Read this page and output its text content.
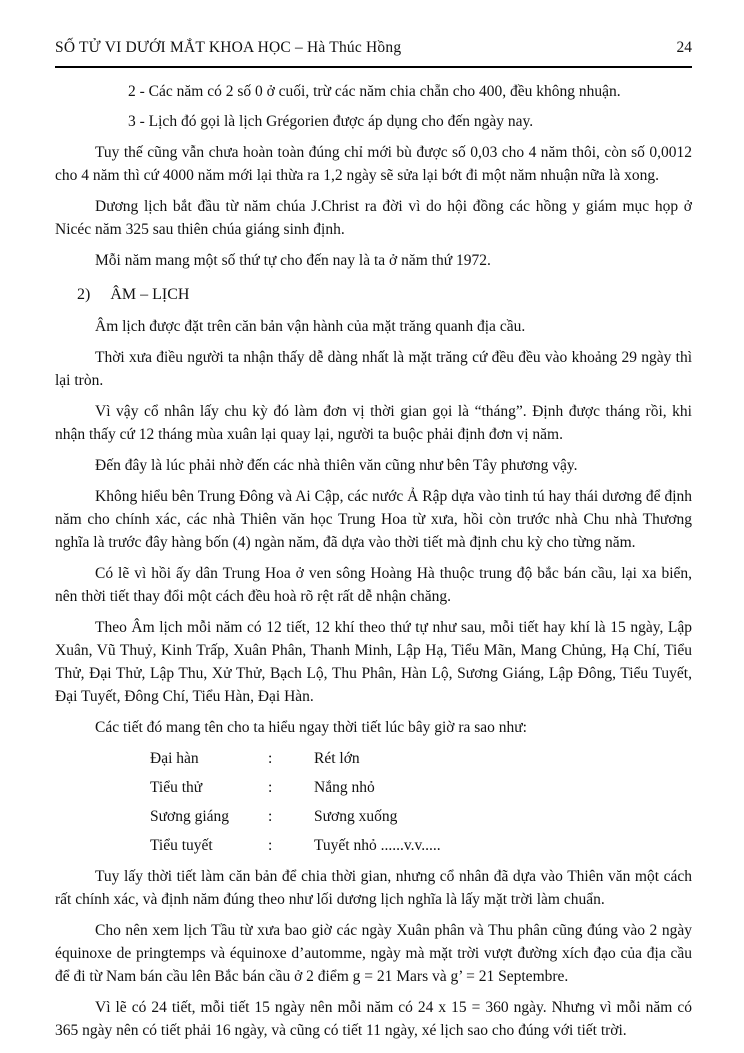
SỐ TỬ VI DƯỚI MẮT KHOA HỌC – Hà Thúc Hồng	24
2 - Các năm có 2 số 0 ở cuối, trừ các năm chia chẵn cho 400, đều không nhuận.
3 - Lịch đó gọi là lịch Grégorien được áp dụng cho đến ngày nay.

Tuy thế cũng vẫn chưa hoàn toàn đúng chỉ mới bù được số 0,03 cho 4 năm thôi, còn số 0,0012 cho 4 năm thì cứ 4000 năm mới lại thừa ra 1,2 ngày sẽ sửa lại bớt đi một năm nhuận nữa là xong.

Dương lịch bắt đầu từ năm chúa J.Christ ra đời vì do hội đồng các hồng y giám mục họp ở Nicéc năm 325 sau thiên chúa giáng sinh định.

Mỗi năm mang một số thứ tự cho đến nay là ta ở năm thứ 1972.

2) ÂM – LỊCH

Âm lịch được đặt trên căn bản vận hành của mặt trăng quanh địa cầu.

Thời xưa điều người ta nhận thấy dễ dàng nhất là mặt trăng cứ đều đều vào khoảng 29 ngày thì lại tròn.

Vì vậy cổ nhân lấy chu kỳ đó làm đơn vị thời gian gọi là “tháng”. Định được tháng rồi, khi nhận thấy cứ 12 tháng mùa xuân lại quay lại, người ta buộc phải định đơn vị năm.

Đến đây là lúc phải nhờ đến các nhà thiên văn cũng như bên Tây phương vậy.

Không hiểu bên Trung Đông và Ai Cập, các nước Ả Rập dựa vào tinh tú hay thái dương để định năm cho chính xác, các nhà Thiên văn học Trung Hoa từ xưa, hồi còn trước nhà Chu nhà Thương nghĩa là trước đây hàng bốn (4) ngàn năm, đã dựa vào thời tiết mà định chu kỳ cho từng năm.

Có lẽ vì hồi ấy dân Trung Hoa ở ven sông Hoàng Hà thuộc trung độ bắc bán cầu, lại xa biển, nên thời tiết thay đổi một cách đều hoà rõ rệt rất dễ nhận chăng.

Theo Âm lịch mỗi năm có 12 tiết, 12 khí theo thứ tự như sau, mỗi tiết hay khí là 15 ngày, Lập Xuân, Vũ Thuỷ, Kinh Trấp, Xuân Phân, Thanh Minh, Lập Hạ, Tiểu Mãn, Mang Chủng, Hạ Chí, Tiểu Thử, Đại Thử, Lập Thu, Xử Thử, Bạch Lộ, Thu Phân, Hàn Lộ, Sương Giáng, Lập Đông, Tiểu Tuyết, Đại Tuyết, Đông Chí, Tiểu Hàn, Đại Hàn.

Các tiết đó mang tên cho ta hiểu ngay thời tiết lúc bây giờ ra sao như:

Đại hàn	:	Rét lớn
Tiểu thử	:	Nắng nhỏ
Sương giáng	:	Sương xuống
Tiểu tuyết	:	Tuyết nhỏ ......v.v.....

Tuy lấy thời tiết làm căn bản để chia thời gian, nhưng cổ nhân đã dựa vào Thiên văn một cách rất chính xác, và định năm đúng theo như lối dương lịch nghĩa là lấy mặt trời làm chuẩn.

Cho nên xem lịch Tầu từ xưa bao giờ các ngày Xuân phân và Thu phân cũng đúng vào 2 ngày équinoxe de pringtemps và équinoxe d’automme, ngày mà mặt trời vượt đường xích đạo của địa cầu để đi từ Nam bán cầu lên Bắc bán cầu ở 2 điểm g = 21 Mars và g’ = 21 Septembre.

Vì lẽ có 24 tiết, mỗi tiết 15 ngày nên mỗi năm có 24 x 15 = 360 ngày. Nhưng vì mỗi năm có 365 ngày nên có tiết phải 16 ngày, và cũng có tiết 11 ngày, xé lịch sao cho đúng với tiết trời.
